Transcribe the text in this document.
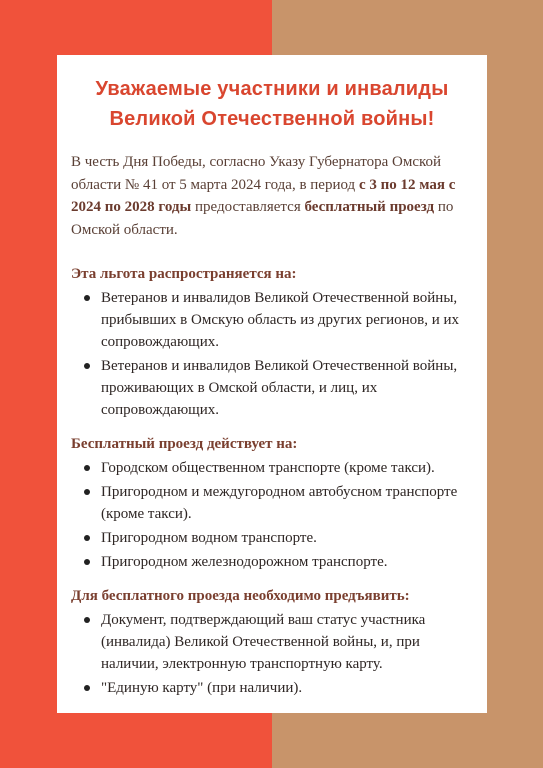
Уважаемые участники и инвалиды
Великой Отечественной войны!

В честь Дня Победы, согласно Указу Губернатора Омской области № 41 от 5 марта 2024 года, в период с 3 по 12 мая с 2024 по 2028 годы предоставляется бесплатный проезд по Омской области.

Эта льгота распространяется на:

Ветеранов и инвалидов Великой Отечественной войны, прибывших в Омскую область из других регионов, и их сопровождающих.
Ветеранов и инвалидов Великой Отечественной войны, проживающих в Омской области, и лиц, их сопровождающих.

Бесплатный проезд действует на:

Городском общественном транспорте (кроме такси).
Пригородном и междугородном автобусном транспорте (кроме такси).
Пригородном водном транспорте.
Пригородном железнодорожном транспорте.

Для бесплатного проезда необходимо предъявить:

Документ, подтверждающий ваш статус участника (инвалида) Великой Отечественной войны, и, при наличии, электронную транспортную карту.
"Единую карту" (при наличии).
